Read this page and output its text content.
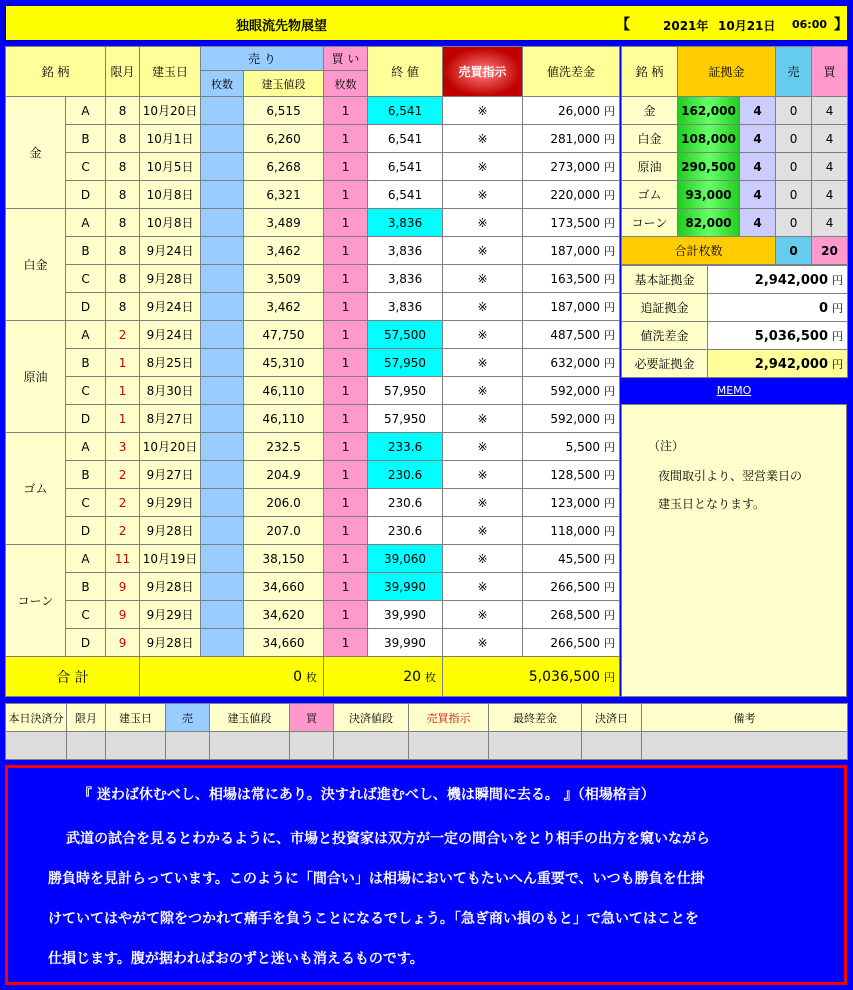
独眼流先物展望	【	2021年 10月21日 06:00 】
銘 柄		限月	建玉日	売 り		買 い	終 値	売買指示	値洗差金
				枚数	建玉値段	枚数			
金	A	8	10月20日		6,515	1	6,541	※	26,000 円
	B	8	10月1日		6,260	1	6,541	※	281,000 円
	C	8	10月5日		6,268	1	6,541	※	273,000 円
	D	8	10月8日		6,321	1	6,541	※	220,000 円
白金	A	8	10月8日		3,489	1	3,836	※	173,500 円
	B	8	9月24日		3,462	1	3,836	※	187,000 円
	C	8	9月28日		3,509	1	3,836	※	163,500 円
	D	8	9月24日		3,462	1	3,836	※	187,000 円
原油	A	2	9月24日		47,750	1	57,500	※	487,500 円
	B	1	8月25日		45,310	1	57,950	※	632,000 円
	C	1	8月30日		46,110	1	57,950	※	592,000 円
	D	1	8月27日		46,110	1	57,950	※	592,000 円
ゴム	A	3	10月20日		232.5	1	233.6	※	5,500 円
	B	2	9月27日		204.9	1	230.6	※	128,500 円
	C	2	9月29日		206.0	1	230.6	※	123,000 円
	D	2	9月28日		207.0	1	230.6	※	118,000 円
コーン	A	11	10月19日		38,150	1	39,060	※	45,500 円
	B	9	9月28日		34,660	1	39,990	※	266,500 円
	C	9	9月29日		34,620	1	39,990	※	268,500 円
	D	9	9月28日		34,660	1	39,990	※	266,500 円
合 計			0 枚			20 枚		5,036,500 円	
銘 柄	証拠金		売	買
金	162,000	4	0	4
白金	108,000	4	0	4
原油	290,500	4	0	4
ゴム	93,000	4	0	4
コーン	82,000	4	0	4
合計枚数			0	20
基本証拠金	2,942,000 円
追証拠金	0 円
値洗差金	5,036,500 円
必要証拠金	2,942,000 円
MEMO

（注）

夜間取引より、翌営業日の

建玉日となります。

本日決済分	限月	建玉日	売	建玉値段	買	決済値段	売買指示	最終差金	決済日	備考

『 迷わば休むべし、相場は常にあり。決すれば進むべし、機は瞬間に去る。 』（相場格言）

武道の試合を見るとわかるように、市場と投資家は双方が一定の間合いをとり相手の出方を窺いながら

勝負時を見計らっています。このように「間合い」は相場においてもたいへん重要で、いつも勝負を仕掛

けていてはやがて隙をつかれて痛手を負うことになるでしょう。「急ぎ商い損のもと」で急いてはことを

仕損じます。腹が据わればおのずと迷いも消えるものです。
